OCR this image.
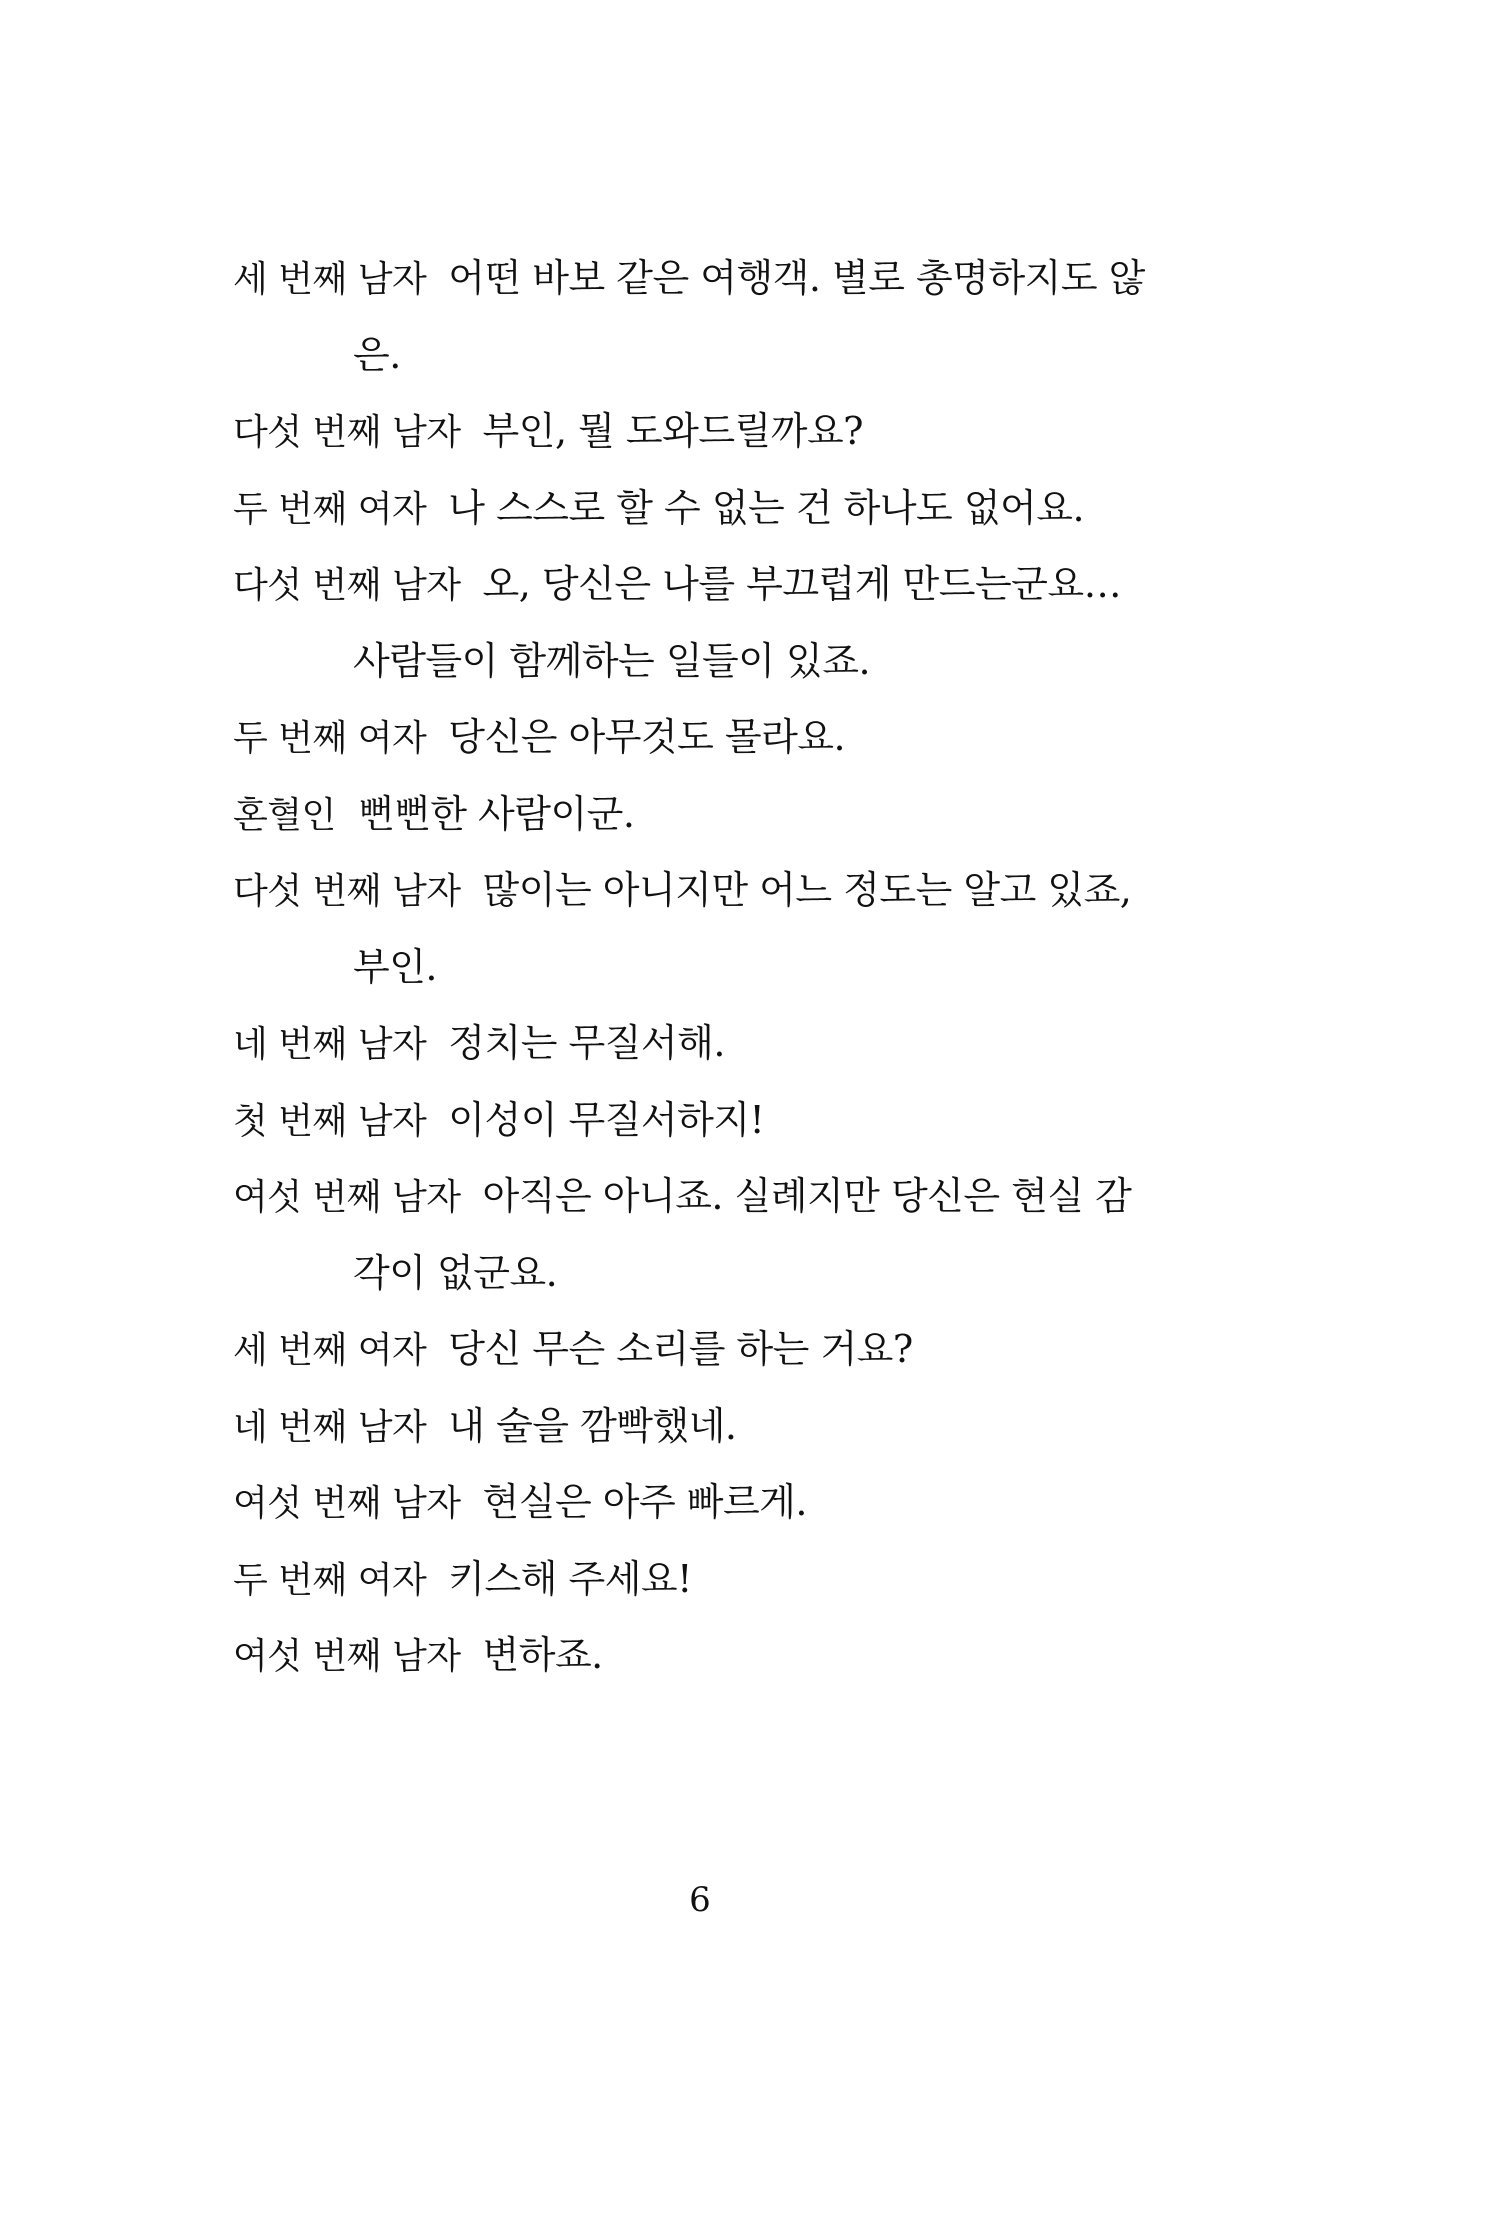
세 번째 남자 어떤 바보 같은 여행객. 별로 총명하지도 않
은.
다섯 번째 남자 부인, 뭘 도와드릴까요?
두 번째 여자 나 스스로 할 수 없는 건 하나도 없어요.
다섯 번째 남자 오, 당신은 나를 부끄럽게 만드는군요…
사람들이 함께하는 일들이 있죠.
두 번째 여자 당신은 아무것도 몰라요.
혼혈인 뻔뻔한 사람이군.
다섯 번째 남자 많이는 아니지만 어느 정도는 알고 있죠,
부인.
네 번째 남자 정치는 무질서해.
첫 번째 남자 이성이 무질서하지!
여섯 번째 남자 아직은 아니죠. 실례지만 당신은 현실 감
각이 없군요.
세 번째 여자 당신 무슨 소리를 하는 거요?
네 번째 남자 내 술을 깜빡했네.
여섯 번째 남자 현실은 아주 빠르게.
두 번째 여자 키스해 주세요!
여섯 번째 남자 변하죠.
6
